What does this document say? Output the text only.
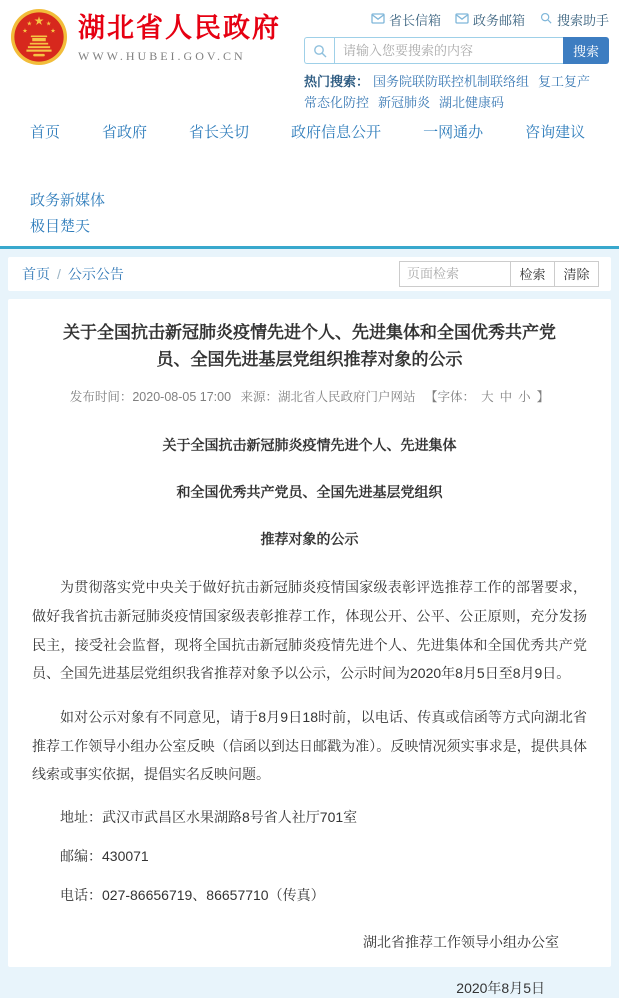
湖北省人民政府
WWW.HUBEI.GOV.CN
省长信箱 政务邮箱 搜索助手
请输入您要搜索的内容
搜索
热门搜索： 国务院联防联控机制联络组 复工复产常态化防控 新冠肺炎 湖北健康码
首页	省政府	省长关切	政府信息公开	一网通办	咨询建议
政务新媒体
极目楚天
首页 / 公示公告
页面检索	检索	清除
关于全国抗击新冠肺炎疫情先进个人、先进集体和全国优秀共产党员、全国先进基层党组织推荐对象的公示
发布时间：2020-08-05 17:00 来源：湖北省人民政府门户网站 【字体： 大 中 小 】

关于全国抗击新冠肺炎疫情先进个人、先进集体

和全国优秀共产党员、全国先进基层党组织

推荐对象的公示

为贯彻落实党中央关于做好抗击新冠肺炎疫情国家级表彰评选推荐工作的部署要求，做好我省抗击新冠肺炎疫情国家级表彰推荐工作，体现公开、公平、公正原则，充分发扬民主，接受社会监督，现将全国抗击新冠肺炎疫情先进个人、先进集体和全国优秀共产党员、全国先进基层党组织我省推荐对象予以公示，公示时间为2020年8月5日至8月9日。

如对公示对象有不同意见，请于8月9日18时前，以电话、传真或信函等方式向湖北省推荐工作领导小组办公室反映（信函以到达日邮戳为准）。反映情况须实事求是，提供具体线索或事实依据，提倡实名反映问题。

地址：武汉市武昌区水果湖路8号省人社厅701室

邮编：430071

电话：027-86656719、86657710（传真）

湖北省推荐工作领导小组办公室

2020年8月5日
